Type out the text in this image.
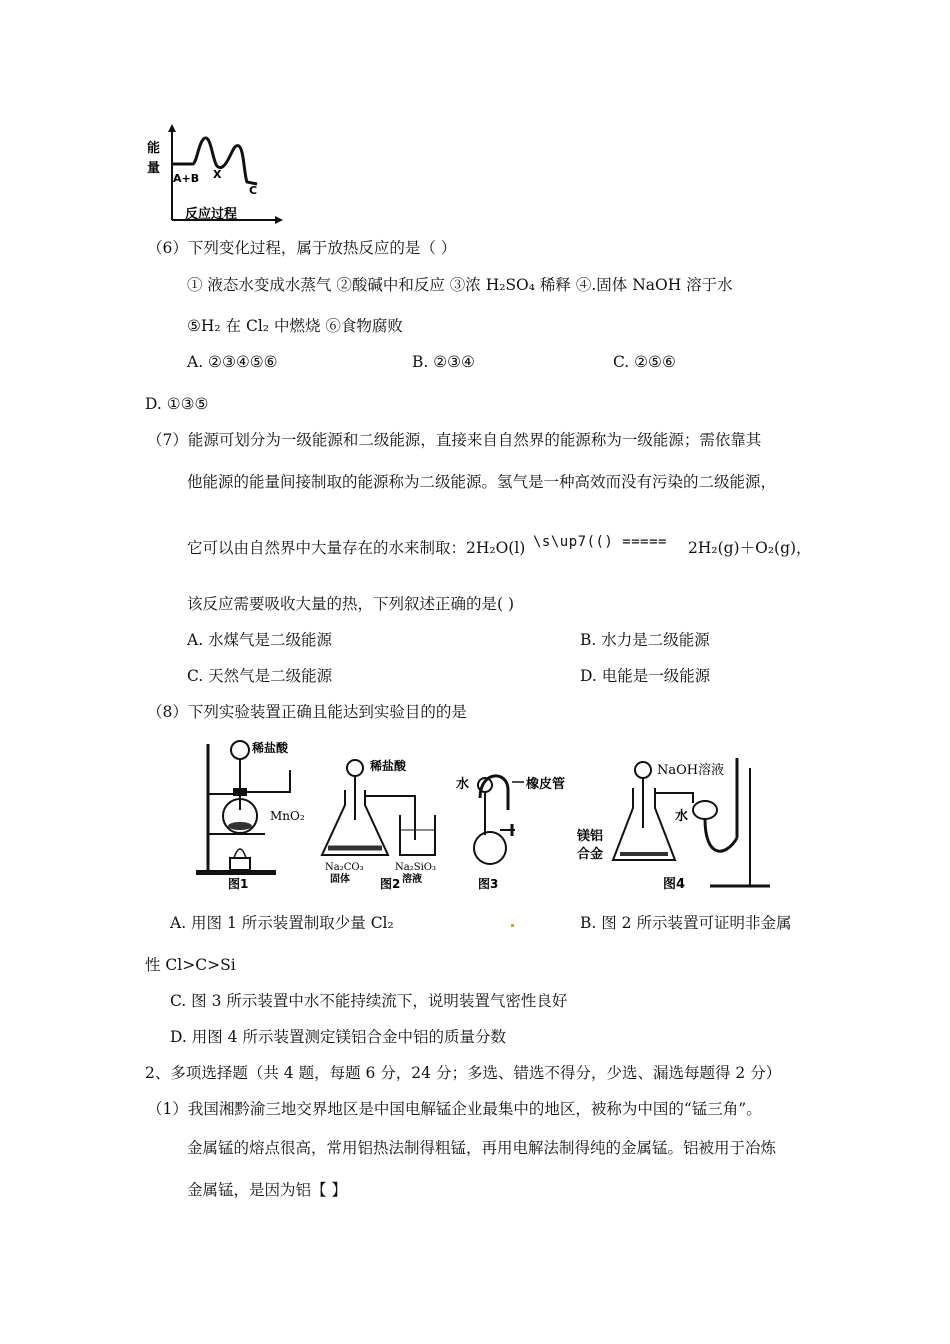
能
量
A+B X
C
反应过程
（6）下列变化过程，属于放热反应的是（ ）
① 液态水变成水蒸气 ②酸碱中和反应 ③浓 H₂SO₄ 稀释 ④.固体 NaOH 溶于水
⑤H₂ 在 Cl₂ 中燃烧 ⑥食物腐败
A. ②③④⑤⑥	B. ②③④	C. ②⑤⑥
D. ①③⑤
（7）能源可划分为一级能源和二级能源，直接来自自然界的能源称为一级能源；需依靠其
他能源的能量间接制取的能源称为二级能源。氢气是一种高效而没有污染的二级能源，
它可以由自然界中大量存在的水来制取：2H₂O(l) \s\up7(() ===== 2H₂(g)＋O₂(g)，
该反应需要吸收大量的热，下列叙述正确的是( )
A. 水煤气是二级能源	B. 水力是二级能源
C. 天然气是二级能源	D. 电能是一级能源
（8）下列实验装置正确且能达到实验目的的是
稀盐酸
MnO₂
图1
稀盐酸
Na₂CO₃
固体
Na₂SiO₃
溶液
图2
水	橡皮管
图3
NaOH溶液
水
镁铝
合金
图4
A. 用图 1 所示装置制取少量 Cl₂	B. 图 2 所示装置可证明非金属
性 Cl>C>Si
C. 图 3 所示装置中水不能持续流下，说明装置气密性良好
D. 用图 4 所示装置测定镁铝合金中铝的质量分数
2、多项选择题（共 4 题，每题 6 分，24 分；多选、错选不得分，少选、漏选每题得 2 分）
（1）我国湘黔渝三地交界地区是中国电解锰企业最集中的地区，被称为中国的“锰三角”。
金属锰的熔点很高，常用铝热法制得粗锰，再用电解法制得纯的金属锰。铝被用于冶炼
金属锰，是因为铝【 】
